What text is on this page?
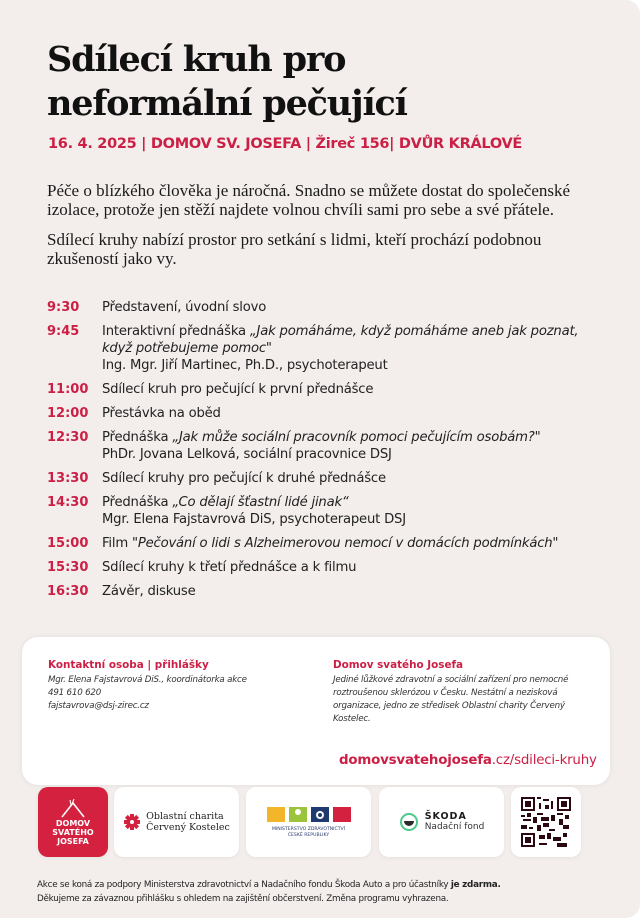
Sdílecí kruh pro
neformální pečující
16. 4. 2025 | DOMOV SV. JOSEFA | Žireč 156| DVŮR KRÁLOVÉ

Péče o blízkého člověka je náročná. Snadno se můžete dostat do společenské izolace, protože jen stěží najdete volnou chvíli sami pro sebe a své přátele.

Sdílecí kruhy nabízí prostor pro setkání s lidmi, kteří prochází podobnou zkušeností jako vy.

9:30	Představení, úvodní slovo
9:45	Interaktivní přednáška „Jak pomáháme, když pomáháme aneb jak poznat, když potřebujeme pomoc"
Ing. Mgr. Jiří Martinec, Ph.D., psychoterapeut
11:00	Sdílecí kruh pro pečující k první přednášce
12:00	Přestávka na oběd
12:30	Přednáška „Jak může sociální pracovník pomoci pečujícím osobám?"
PhDr. Jovana Lelková, sociální pracovnice DSJ
13:30	Sdílecí kruhy pro pečující k druhé přednášce
14:30	Přednáška „Co dělají šťastní lidé jinak“
Mgr. Elena Fajstavrová DiS, psychoterapeut DSJ
15:00	Film "Pečování o lidi s Alzheimerovou nemocí v domácích podmínkách"
15:30	Sdílecí kruhy k třetí přednášce a k filmu
16:30	Závěr, diskuse
Kontaktní osoba | přihlášky
Mgr. Elena Fajstavrová DiS., koordinátorka akce
491 610 620
fajstavrova@dsj-zirec.cz
Domov svatého Josefa
Jediné lůžkové zdravotní a sociální zařízení pro nemocné roztroušenou sklerózou v Česku. Nestátní a nezisková organizace, jedno ze středisek Oblastní charity Červený Kostelec.
domovsvatehojosefa.cz/sdileci-kruhy
DOMOV
SVATÉHO
JOSEFA
Oblastní charita
Červený Kostelec	MINISTERSTVO ZDRAVOTNICTVÍ
ČESKÉ REPUBLIKY
ŠKODA
Nadační fond
Akce se koná za podpory Ministerstva zdravotnictví a Nadačního fondu Škoda Auto a pro účastníky je zdarma.
Děkujeme za závaznou přihlášku s ohledem na zajištění občerstvení. Změna programu vyhrazena.
